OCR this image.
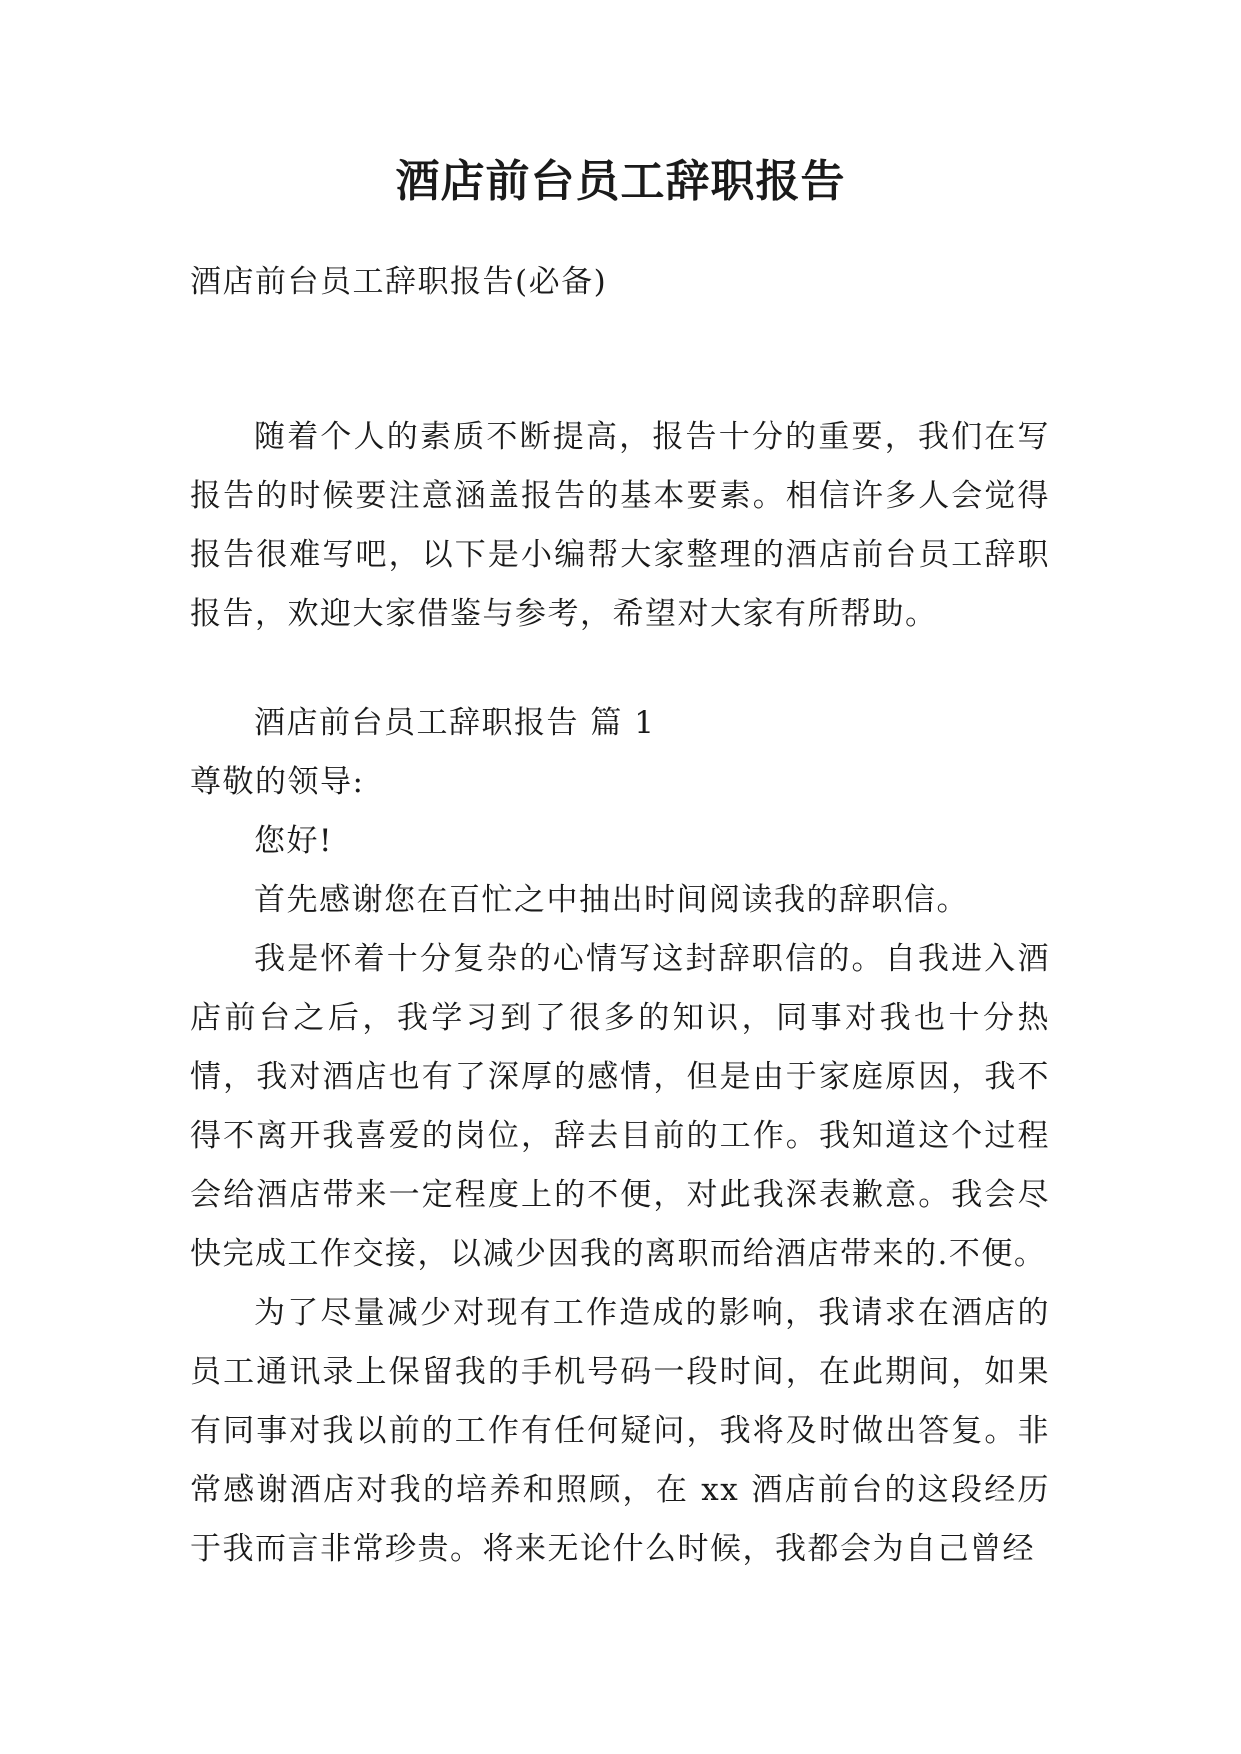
酒店前台员工辞职报告

酒店前台员工辞职报告(必备)

随着个人的素质不断提高，报告十分的重要，我们在写报告的时候要注意涵盖报告的基本要素。相信许多人会觉得报告很难写吧，以下是小编帮大家整理的酒店前台员工辞职报告，欢迎大家借鉴与参考，希望对大家有所帮助。

酒店前台员工辞职报告 篇 1

尊敬的领导:

您好!

首先感谢您在百忙之中抽出时间阅读我的辞职信。

我是怀着十分复杂的心情写这封辞职信的。自我进入酒店前台之后，我学习到了很多的知识，同事对我也十分热情，我对酒店也有了深厚的感情，但是由于家庭原因，我不得不离开我喜爱的岗位，辞去目前的工作。我知道这个过程会给酒店带来一定程度上的不便，对此我深表歉意。我会尽快完成工作交接，以减少因我的离职而给酒店带来的.不便。

为了尽量减少对现有工作造成的影响，我请求在酒店的员工通讯录上保留我的手机号码一段时间，在此期间，如果有同事对我以前的工作有任何疑问，我将及时做出答复。非常感谢酒店对我的培养和照顾，在 xx 酒店前台的这段经历于我而言非常珍贵。将来无论什么时候，我都会为自己曾经
